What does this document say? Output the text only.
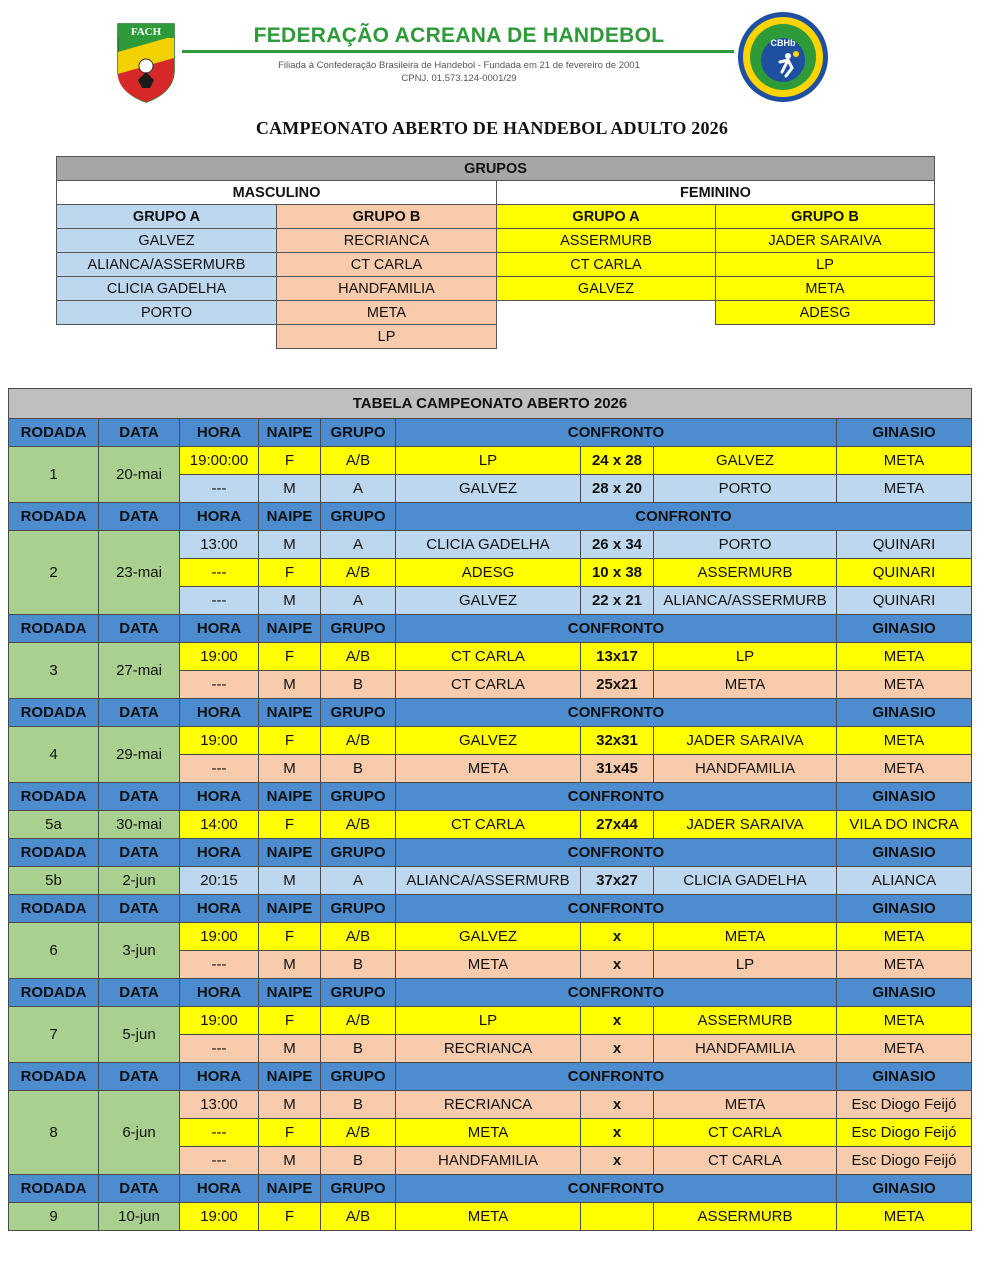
FACH	FEDERAÇÃO ACREANA DE HANDEBOL
Filiada à Confederação Brasileira de Handebol - Fundada em 21 de fevereiro de 2001
CPNJ. 01.573.124-0001/29
CBHb
CAMPEONATO ABERTO DE HANDEBOL ADULTO 2026
GRUPOS			
MASCULINO		FEMININO	
GRUPO A	GRUPO B	GRUPO A	GRUPO B
GALVEZ	RECRIANCA	ASSERMURB	JADER SARAIVA
ALIANCA/ASSERMURB	CT CARLA	CT CARLA	LP
CLICIA GADELHA	HANDFAMILIA	GALVEZ	META
PORTO	META		ADESG
	LP		
TABELA CAMPEONATO ABERTO 2026								
RODADA	DATA	HORA	NAIPE	GRUPO	CONFRONTO			GINASIO
1	20-mai	19:00:00	F	A/B	LP	24 x 28	GALVEZ	META
		---	M	A	GALVEZ	28 x 20	PORTO	META
RODADA	DATA	HORA	NAIPE	GRUPO	CONFRONTO			
2	23-mai	13:00	M	A	CLICIA GADELHA	26 x 34	PORTO	QUINARI
		---	F	A/B	ADESG	10 x 38	ASSERMURB	QUINARI
		---	M	A	GALVEZ	22 x 21	ALIANCA/ASSERMURB	QUINARI
RODADA	DATA	HORA	NAIPE	GRUPO	CONFRONTO			GINASIO
3	27-mai	19:00	F	A/B	CT CARLA	13x17	LP	META
		---	M	B	CT CARLA	25x21	META	META
RODADA	DATA	HORA	NAIPE	GRUPO	CONFRONTO			GINASIO
4	29-mai	19:00	F	A/B	GALVEZ	32x31	JADER SARAIVA	META
		---	M	B	META	31x45	HANDFAMILIA	META
RODADA	DATA	HORA	NAIPE	GRUPO	CONFRONTO			GINASIO
5a	30-mai	14:00	F	A/B	CT CARLA	27x44	JADER SARAIVA	VILA DO INCRA
RODADA	DATA	HORA	NAIPE	GRUPO	CONFRONTO			GINASIO
5b	2-jun	20:15	M	A	ALIANCA/ASSERMURB	37x27	CLICIA GADELHA	ALIANCA
RODADA	DATA	HORA	NAIPE	GRUPO	CONFRONTO			GINASIO
6	3-jun	19:00	F	A/B	GALVEZ	x	META	META
		---	M	B	META	x	LP	META
RODADA	DATA	HORA	NAIPE	GRUPO	CONFRONTO			GINASIO
7	5-jun	19:00	F	A/B	LP	x	ASSERMURB	META
		---	M	B	RECRIANCA	x	HANDFAMILIA	META
RODADA	DATA	HORA	NAIPE	GRUPO	CONFRONTO			GINASIO
8	6-jun	13:00	M	B	RECRIANCA	x	META	Esc Diogo Feijó
		---	F	A/B	META	x	CT CARLA	Esc Diogo Feijó
		---	M	B	HANDFAMILIA	x	CT CARLA	Esc Diogo Feijó
RODADA	DATA	HORA	NAIPE	GRUPO	CONFRONTO			GINASIO
9	10-jun	19:00	F	A/B	META		ASSERMURB	META
